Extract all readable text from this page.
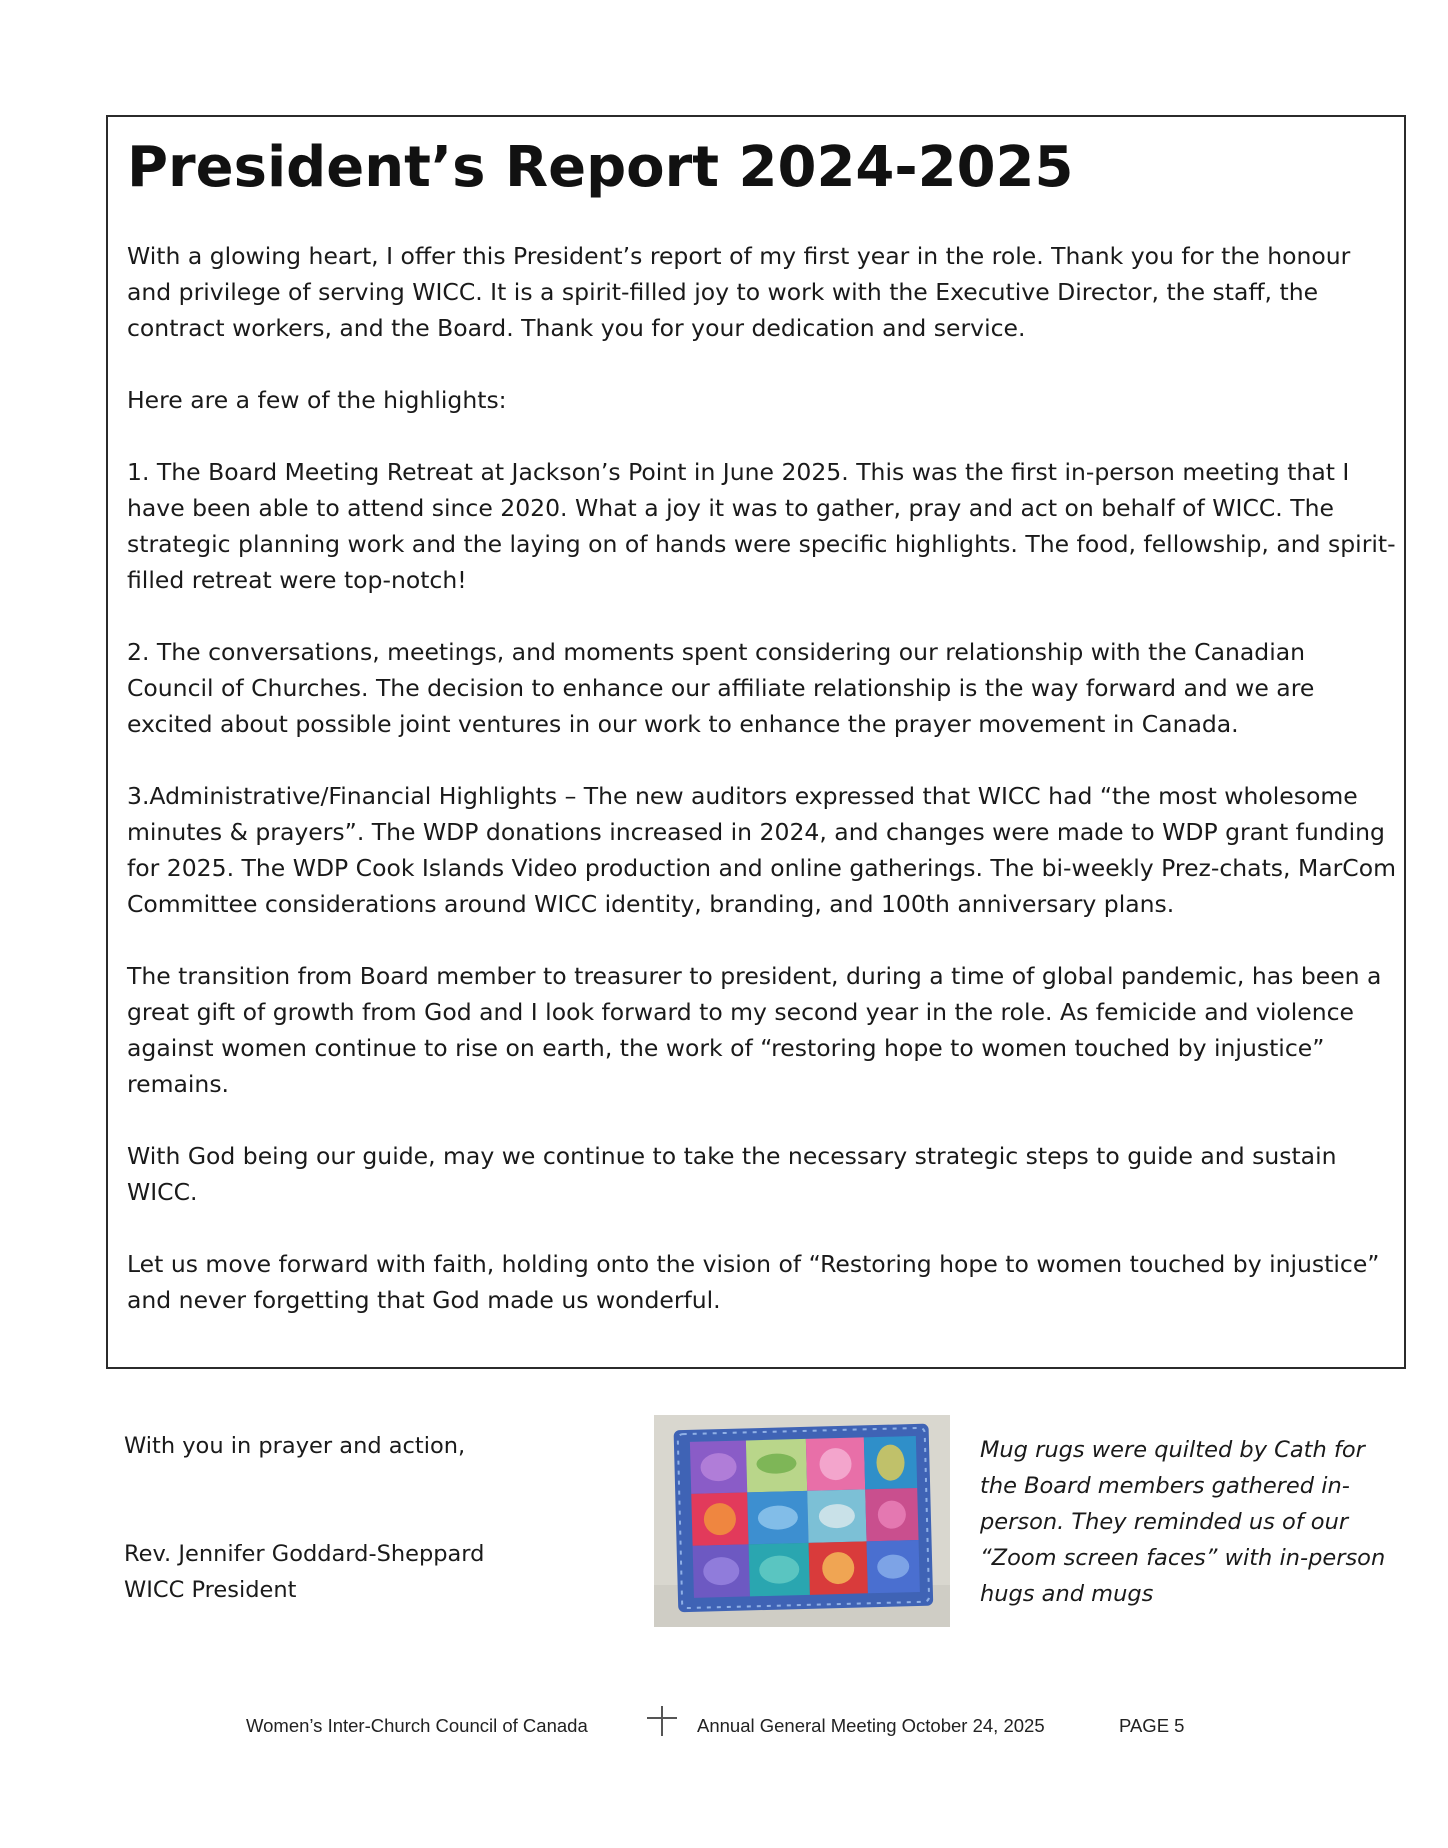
President’s Report 2024-2025

With a glowing heart, I offer this President’s report of my first year in the role. Thank you for the honour and privilege of serving WICC. It is a spirit-filled joy to work with the Executive Director, the staff, the contract workers, and the Board. Thank you for your dedication and service.

Here are a few of the highlights:

1. The Board Meeting Retreat at Jackson’s Point in June 2025. This was the first in-person meeting that I have been able to attend since 2020. What a joy it was to gather, pray and act on behalf of WICC. The strategic planning work and the laying on of hands were specific highlights. The food, fellowship, and spirit-filled retreat were top-notch!

2. The conversations, meetings, and moments spent considering our relationship with the Canadian Council of Churches. The decision to enhance our affiliate relationship is the way forward and we are excited about possible joint ventures in our work to enhance the prayer movement in Canada.

3.Administrative/Financial Highlights – The new auditors expressed that WICC had “the most wholesome minutes & prayers”. The WDP donations increased in 2024, and changes were made to WDP grant funding for 2025. The WDP Cook Islands Video production and online gatherings. The bi-weekly Prez-chats, MarCom Committee considerations around WICC identity, branding, and 100th anniversary plans.

The transition from Board member to treasurer to president, during a time of global pandemic, has been a great gift of growth from God and I look forward to my second year in the role. As femicide and violence against women continue to rise on earth, the work of “restoring hope to women touched by injustice” remains.

With God being our guide, may we continue to take the necessary strategic steps to guide and sustain WICC.

Let us move forward with faith, holding onto the vision of “Restoring hope to women touched by injustice” and never forgetting that God made us wonderful.

With you in prayer and action,
Rev. Jennifer Goddard-Sheppard
WICC President
Mug rugs were quilted by Cath for the Board members gathered in-person. They reminded us of our “Zoom screen faces” with in-person hugs and mugs
Women’s Inter-Church Council of Canada	Annual General Meeting October 24, 2025	PAGE 5
